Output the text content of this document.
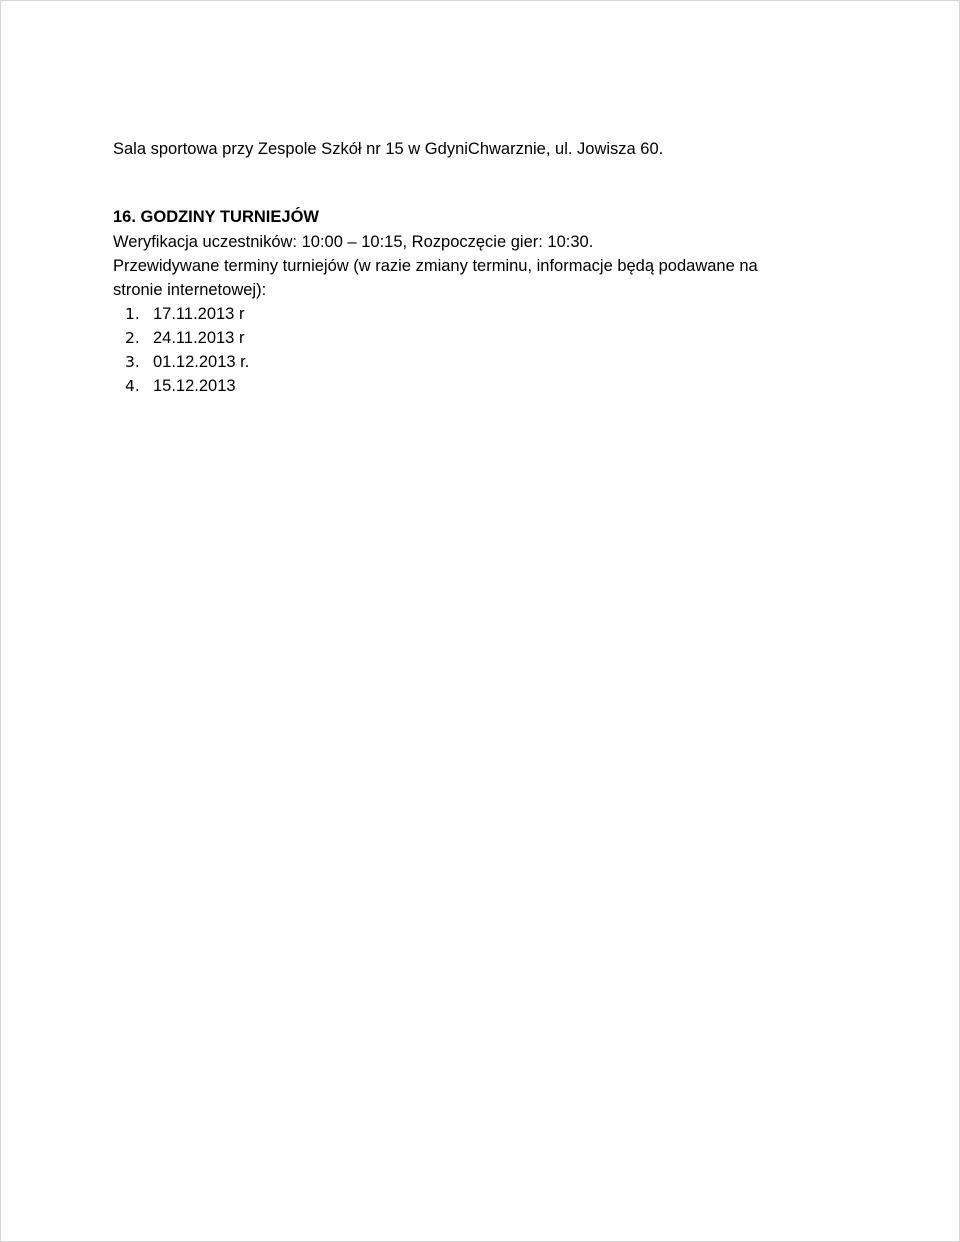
Sala sportowa przy Zespole Szkół nr 15 w GdyniChwarznie, ul. Jowisza 60.
16. GODZINY TURNIEJÓW
Weryfikacja uczestników: 10:00 – 10:15, Rozpoczęcie gier: 10:30.
Przewidywane terminy turniejów (w razie zmiany terminu, informacje będą podawane na
stronie internetowej):
1. 17.11.2013 r
2. 24.11.2013 r
3. 01.12.2013 r.
4. 15.12.2013
